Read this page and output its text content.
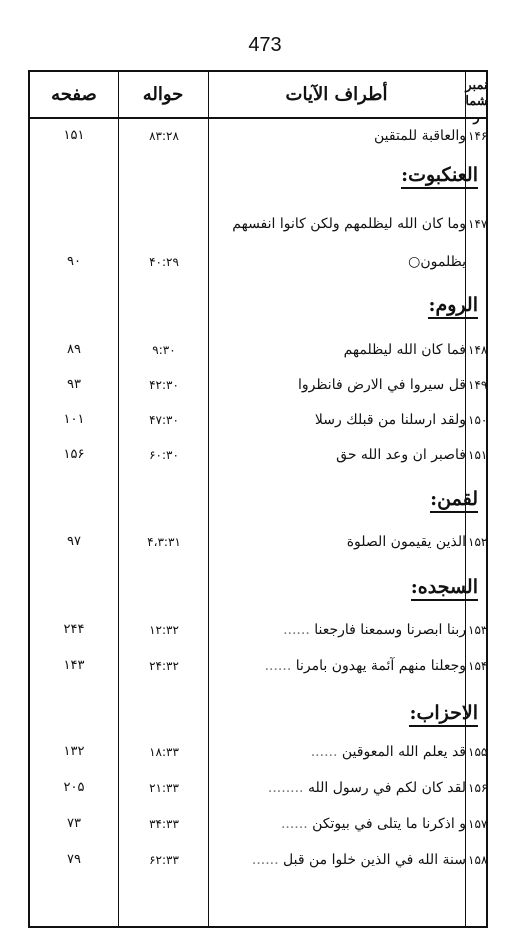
473
صفحه	حواله	أطراف الآيات	نمبرشمار
۱۵۱	۸۳:۲۸	والعاقبة للمتقين ۱۴۶
العنکبوت:
وما كان الله ليظلمهم ولكن كانوا انفسهم ۱۴۷
۹۰	۴۰:۲۹	يظلمون○
الروم:
۸۹	۹:۳۰	فما كان الله ليظلمهم ۱۴۸
۹۳	۴۲:۳۰	قل سيروا في الارض فانظروا ۱۴۹
۱۰۱	۴۷:۳۰	ولقد ارسلنا من قبلك رسلا ۱۵۰
۱۵۶	۶۰:۳۰	فاصبر ان وعد الله حق ۱۵۱
لقمن:
۹۷	۴،۳:۳۱	الذين يقيمون الصلوة ۱۵۲
السجده:
۲۴۴	۱۲:۳۲	ربنا ابصرنا وسمعنا فارجعنا ......	۱۵۳
۱۴۳	۲۴:۳۲	وجعلنا منهم آئمة يهدون بامرنا ......	۱۵۴
الاحزاب:
۱۳۲	۱۸:۳۳	قد يعلم الله المعوقين ......	۱۵۵
۲۰۵	۲۱:۳۳	لقد كان لكم في رسول الله ........	۱۵۶
۷۳	۳۴:۳۳	و اذكرنا ما يتلى في بيوتكن ......	۱۵۷
۷۹	۶۲:۳۳	سنة الله في الذين خلوا من قبل ......	۱۵۸
